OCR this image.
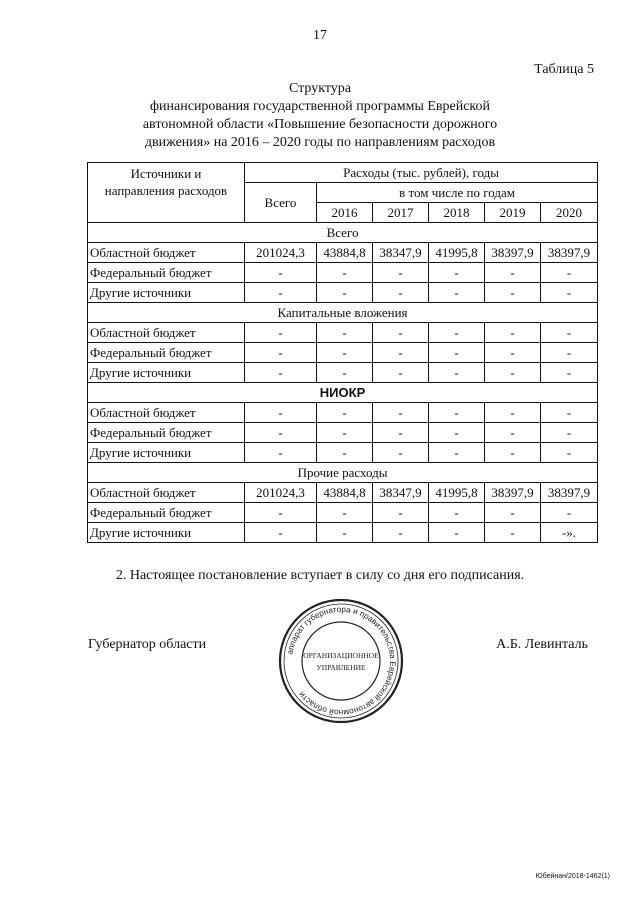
17
Таблица 5
Структура
финансирования государственной программы Еврейской
автономной области «Повышение безопасности дорожного
движения» на 2016 – 2020 годы по направлениям расходов
Источники и
направления расходов	Расходы (тыс. рублей), годы					
	Всего	в том числе по годам				
		2016	2017	2018	2019	2020
Всего						
Областной бюджет	201024,3	43884,8	38347,9	41995,8	38397,9	38397,9
Федеральный бюджет	-	-	-	-	-	-
Другие источники	-	-	-	-	-	-
Капитальные вложения						
Областной бюджет	-	-	-	-	-	-
Федеральный бюджет	-	-	-	-	-	-
Другие источники	-	-	-	-	-	-
НИОКР						
Областной бюджет	-	-	-	-	-	-
Федеральный бюджет	-	-	-	-	-	-
Другие источники	-	-	-	-	-	-
Прочие расходы						
Областной бюджет	201024,3	43884,8	38347,9	41995,8	38397,9	38397,9
Федеральный бюджет	-	-	-	-	-	-
Другие источники	-	-	-	-	-	-».
2. Настоящее постановление вступает в силу со дня его подписания.
Губернатор области	А.Б. Левинталь
аппарат губернатора и правительства Еврейской автономной области
ОРГАНИЗАЦИОННОЕ
УПРАВЛЕНИЕ
Юбейнан/2018-1462(1)
